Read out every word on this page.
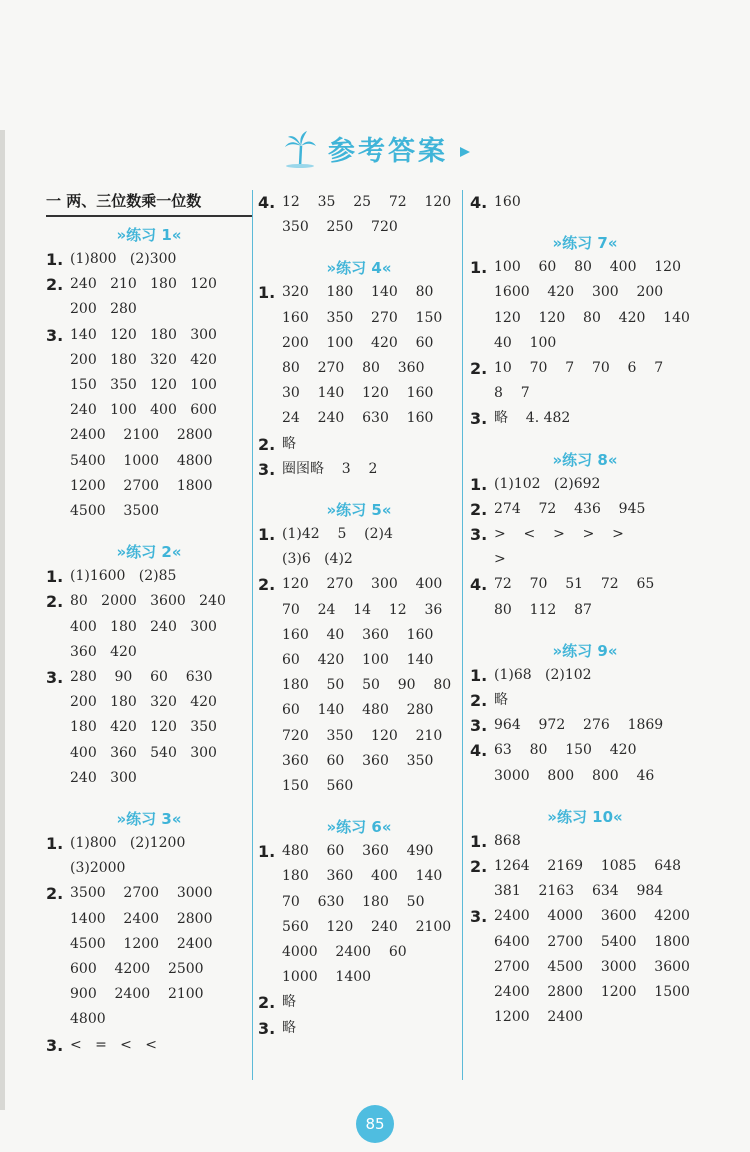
参考答案
一 两、三位数乘一位数
»练习 1«
1 . (1)800   (2)300
2 . 240   210   180   120
200   280
3 . 140   120   180   300
200   180   320   420
150   350   120   100
240   100   400   600
2400    2100    2800
5400    1000    4800
1200    2700    1800
4500    3500
»练习 2«
1 . (1)1600   (2)85
2 . 80   2000   3600   240
400   180   240   300
360   420
3 . 280    90    60    630
200   180   320   420
180   420   120   350
400   360   540   300
240   300
»练习 3«
1 . (1)800   (2)1200
(3)2000
2 . 3500    2700    3000
1400    2400    2800
4500    1200    2400
600    4200    2500
900    2400    2100
4800
3 . <   =   <   <
4 . 12    35    25    72    120
350    250    720
»练习 4«
1 . 320    180    140    80
160    350    270    150
200    100    420    60
80    270    80    360
30    140    120    160
24    240    630    160
2 . 略
3 . 圈图略    3    2
»练习 5«
1 . (1)42    5    (2)4
(3)6   (4)2
2 . 120    270    300    400
70    24    14    12    36
160    40    360    160
60    420    100    140
180    50    50    90    80
60    140    480    280
720    350    120    210
360    60    360    350
150    560
»练习 6«
1 . 480    60    360    490
180    360    400    140
70    630    180    50
560    120    240    2100
4000    2400    60
1000    1400
2 . 略
3 . 略
4 . 160
»练习 7«
1 . 100    60    80    400    120
1600    420    300    200
120    120    80    420    140
40    100
2 . 10    70    7    70    6    7
8    7
3 . 略    4. 482
»练习 8«
1 . (1)102   (2)692
2 . 274    72    436    945
3 . >    <    >    >    >
>
4 . 72    70    51    72    65
80    112    87
»练习 9«
1 . (1)68   (2)102
2 . 略
3 . 964    972    276    1869
4 . 63    80    150    420
3000    800    800    46
»练习 10«
1 . 868
2 . 1264    2169    1085    648
381    2163    634    984
3 . 2400    4000    3600    4200
6400    2700    5400    1800
2700    4500    3000    3600
2400    2800    1200    1500
1200    2400
85
